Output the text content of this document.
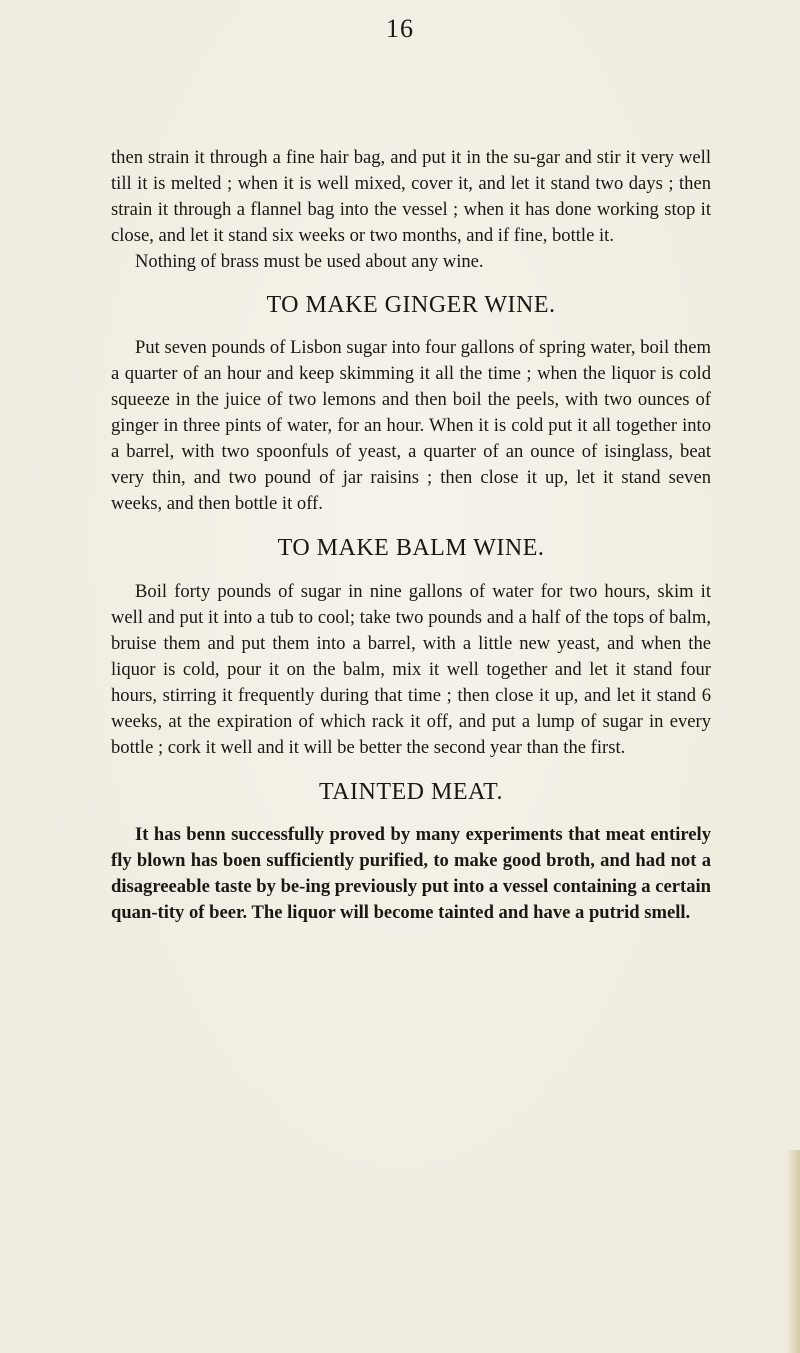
16

then strain it through a fine hair bag, and put it in the su-gar and stir it very well till it is melted ; when it is well mixed, cover it, and let it stand two days ; then strain it through a flannel bag into the vessel ; when it has done working stop it close, and let it stand six weeks or two months, and if fine, bottle it.

Nothing of brass must be used about any wine.

TO MAKE GINGER WINE.

Put seven pounds of Lisbon sugar into four gallons of spring water, boil them a quarter of an hour and keep skimming it all the time ; when the liquor is cold squeeze in the juice of two lemons and then boil the peels, with two ounces of ginger in three pints of water, for an hour. When it is cold put it all together into a barrel, with two spoonfuls of yeast, a quarter of an ounce of isinglass, beat very thin, and two pound of jar raisins ; then close it up, let it stand seven weeks, and then bottle it off.

TO MAKE BALM WINE.

Boil forty pounds of sugar in nine gallons of water for two hours, skim it well and put it into a tub to cool; take two pounds and a half of the tops of balm, bruise them and put them into a barrel, with a little new yeast, and when the liquor is cold, pour it on the balm, mix it well together and let it stand four hours, stirring it frequently during that time ; then close it up, and let it stand 6 weeks, at the expiration of which rack it off, and put a lump of sugar in every bottle ; cork it well and it will be better the second year than the first.

TAINTED MEAT.

It has benn successfully proved by many experiments that meat entirely fly blown has boen sufficiently purified, to make good broth, and had not a disagreeable taste by be-ing previously put into a vessel containing a certain quan-tity of beer. The liquor will become tainted and have a putrid smell.
